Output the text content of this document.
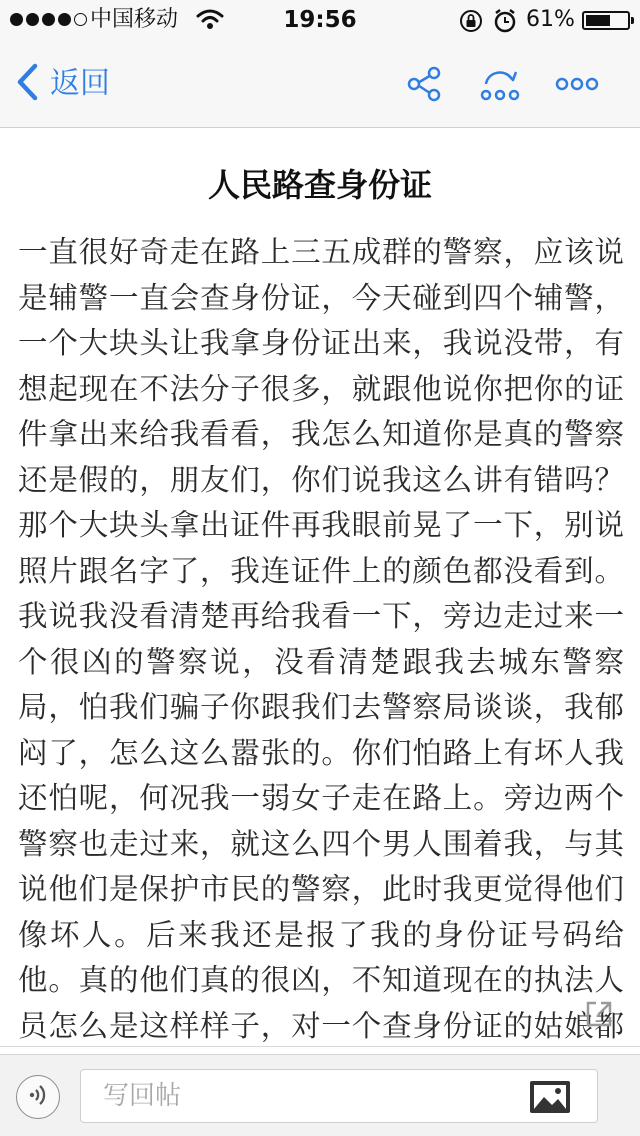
中国移动	19:56	61%
返回
人民路查身份证

一直很好奇走在路上三五成群的警察，应该说是辅警一直会查身份证，今天碰到四个辅警，一个大块头让我拿身份证出来，我说没带，有想起现在不法分子很多，就跟他说你把你的证件拿出来给我看看，我怎么知道你是真的警察还是假的，朋友们，你们说我这么讲有错吗？那个大块头拿出证件再我眼前晃了一下，别说照片跟名字了，我连证件上的颜色都没看到。我说我没看清楚再给我看一下，旁边走过来一个很凶的警察说，没看清楚跟我去城东警察局，怕我们骗子你跟我们去警察局谈谈，我郁闷了，怎么这么嚣张的。你们怕路上有坏人我还怕呢，何况我一弱女子走在路上。旁边两个警察也走过来，就这么四个男人围着我，与其说他们是保护市民的警察，此时我更觉得他们像坏人。后来我还是报了我的身份证号码给他。真的他们真的很凶，不知道现在的执法人员怎么是这样样子，对一个查身份证的姑娘都

写回帖
